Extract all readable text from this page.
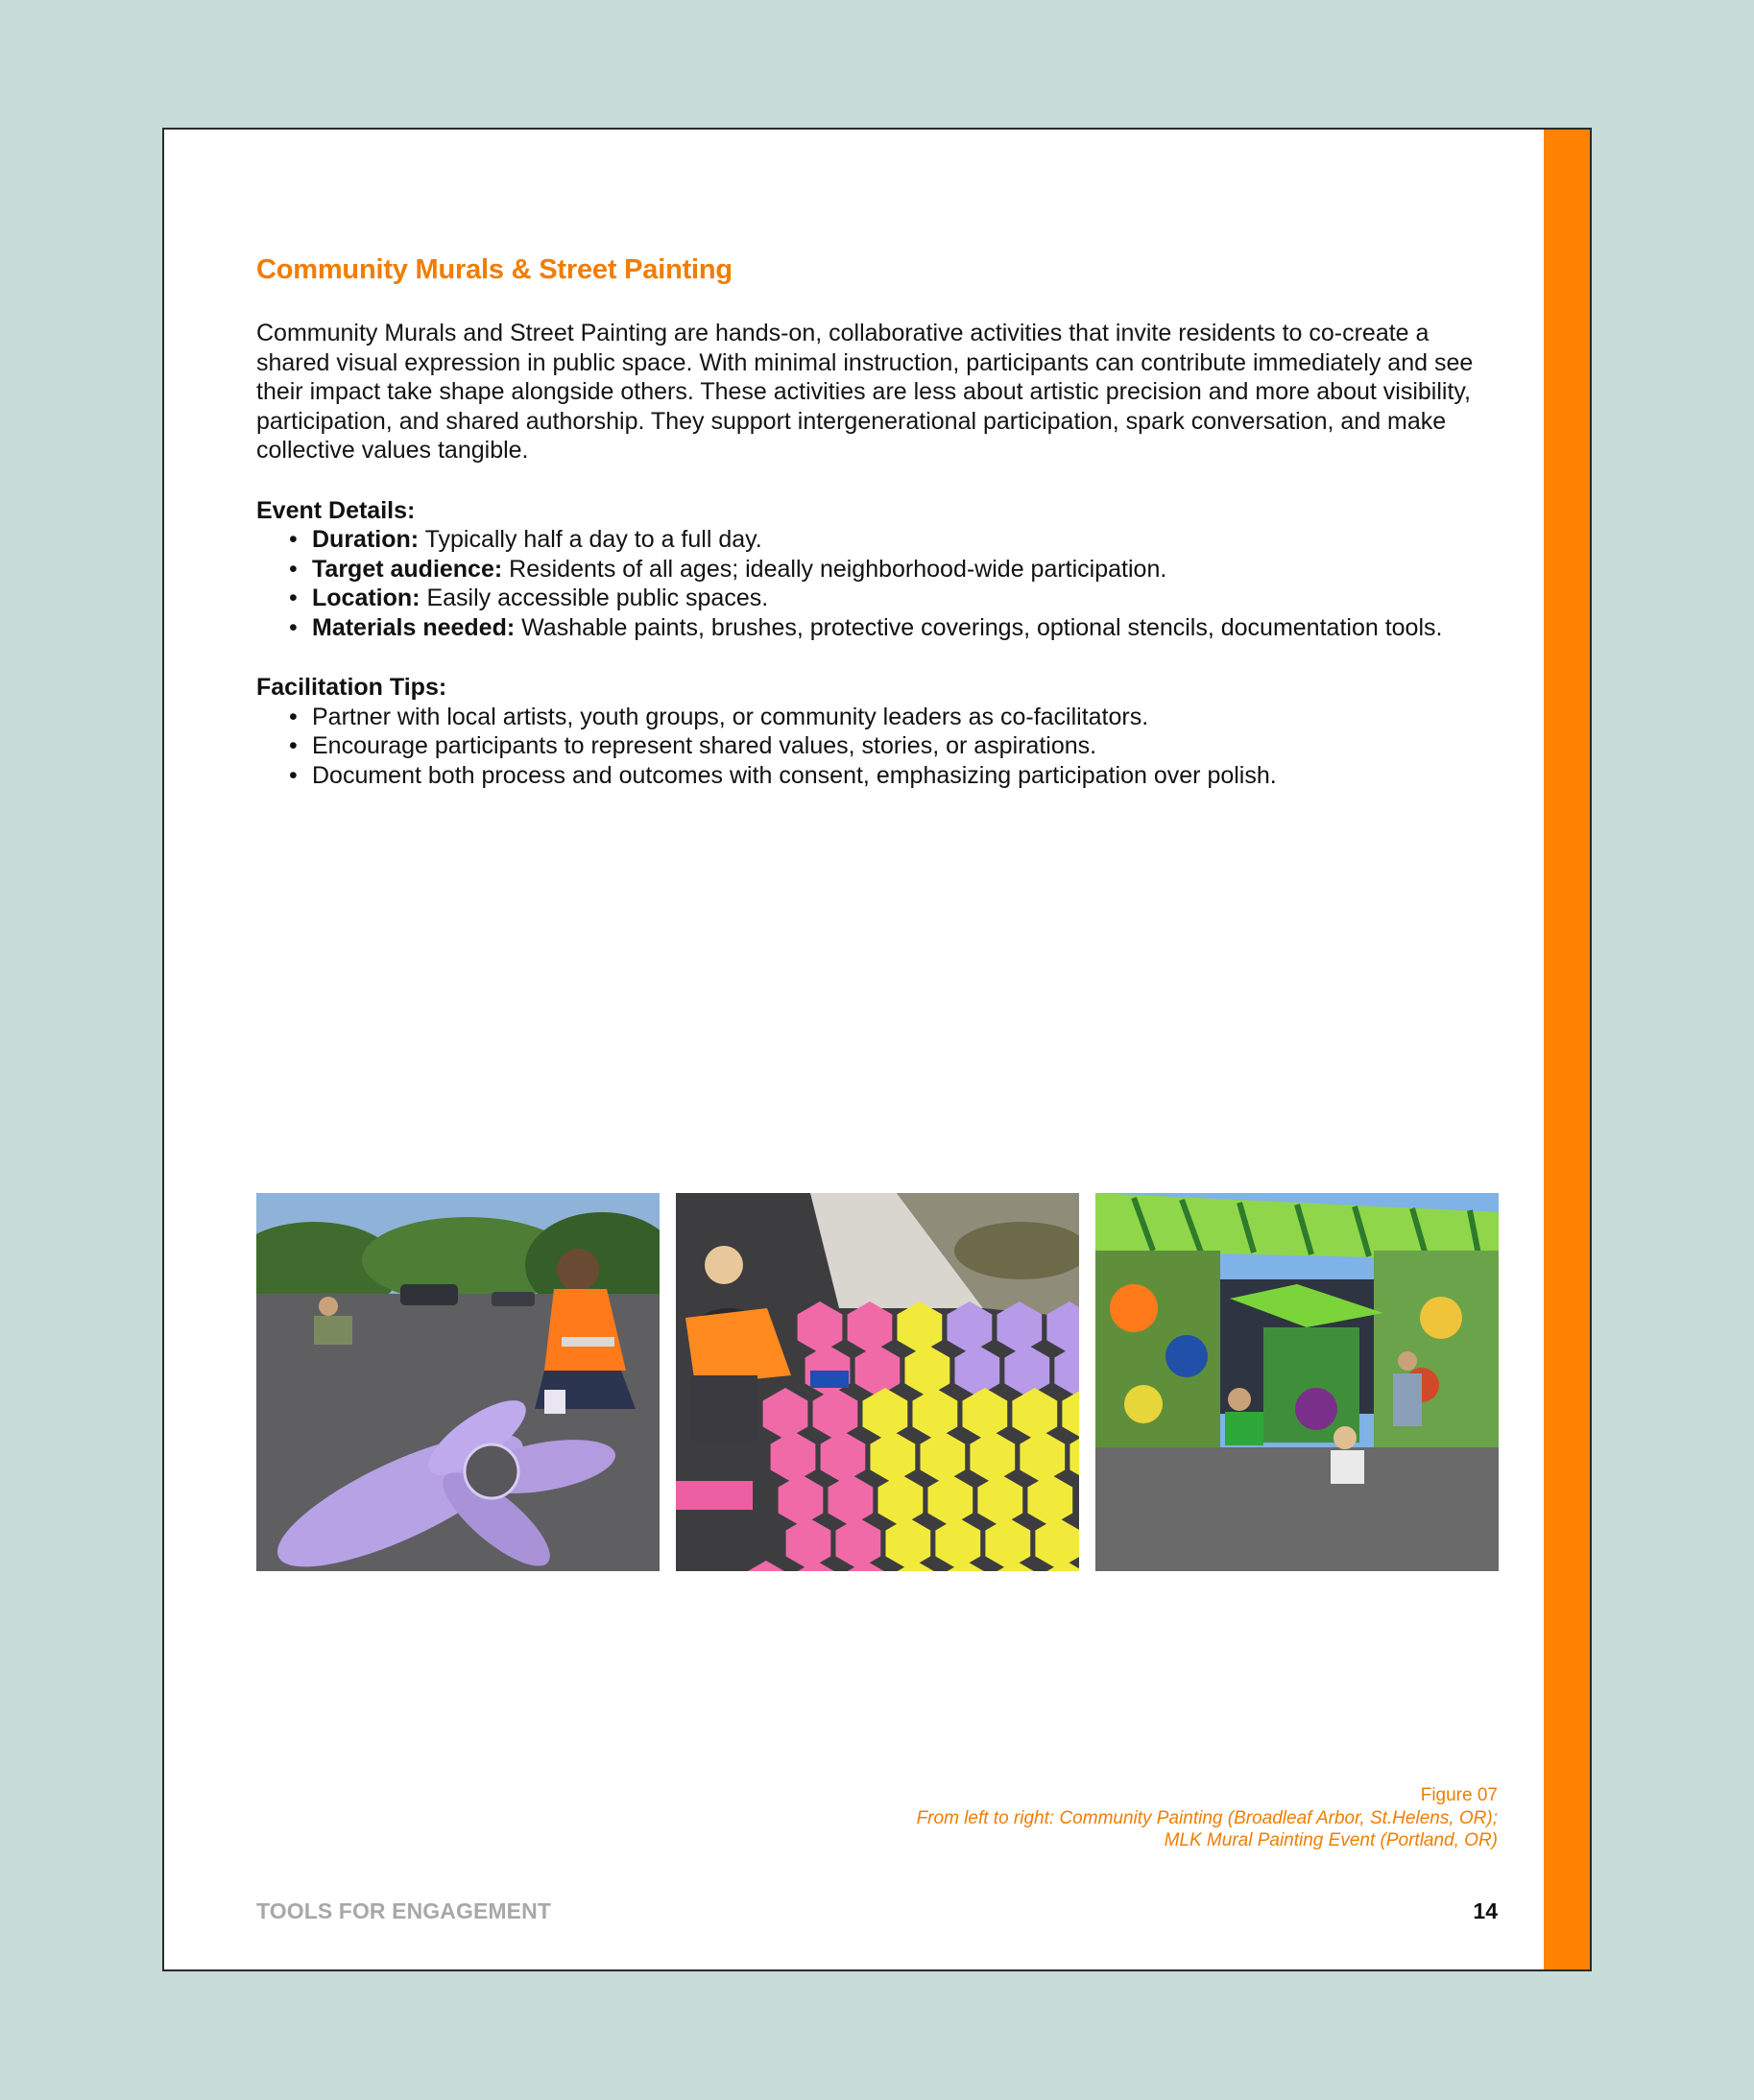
Community Murals & Street Painting

Community Murals and Street Painting are hands-on, collaborative activities that invite residents to co-create a shared visual expression in public space. With minimal instruction, participants can contribute immediately and see their impact take shape alongside others. These activities are less about artistic precision and more about visibility, participation, and shared authorship. They support intergenerational participation, spark conversation, and make collective values tangible.

Event Details:

• Duration: Typically half a day to a full day.
• Target audience: Residents of all ages; ideally neighborhood-wide participation.
• Location: Easily accessible public spaces.
• Materials needed: Washable paints, brushes, protective coverings, optional stencils, documentation tools.

Facilitation Tips:

• Partner with local artists, youth groups, or community leaders as co-facilitators.
• Encourage participants to represent shared values, stories, or aspirations.
• Document both process and outcomes with consent, emphasizing participation over polish.
Figure 07
From left to right: Community Painting (Broadleaf Arbor, St.Helens, OR);
MLK Mural Painting Event (Portland, OR)
TOOLS FOR ENGAGEMENT	14
